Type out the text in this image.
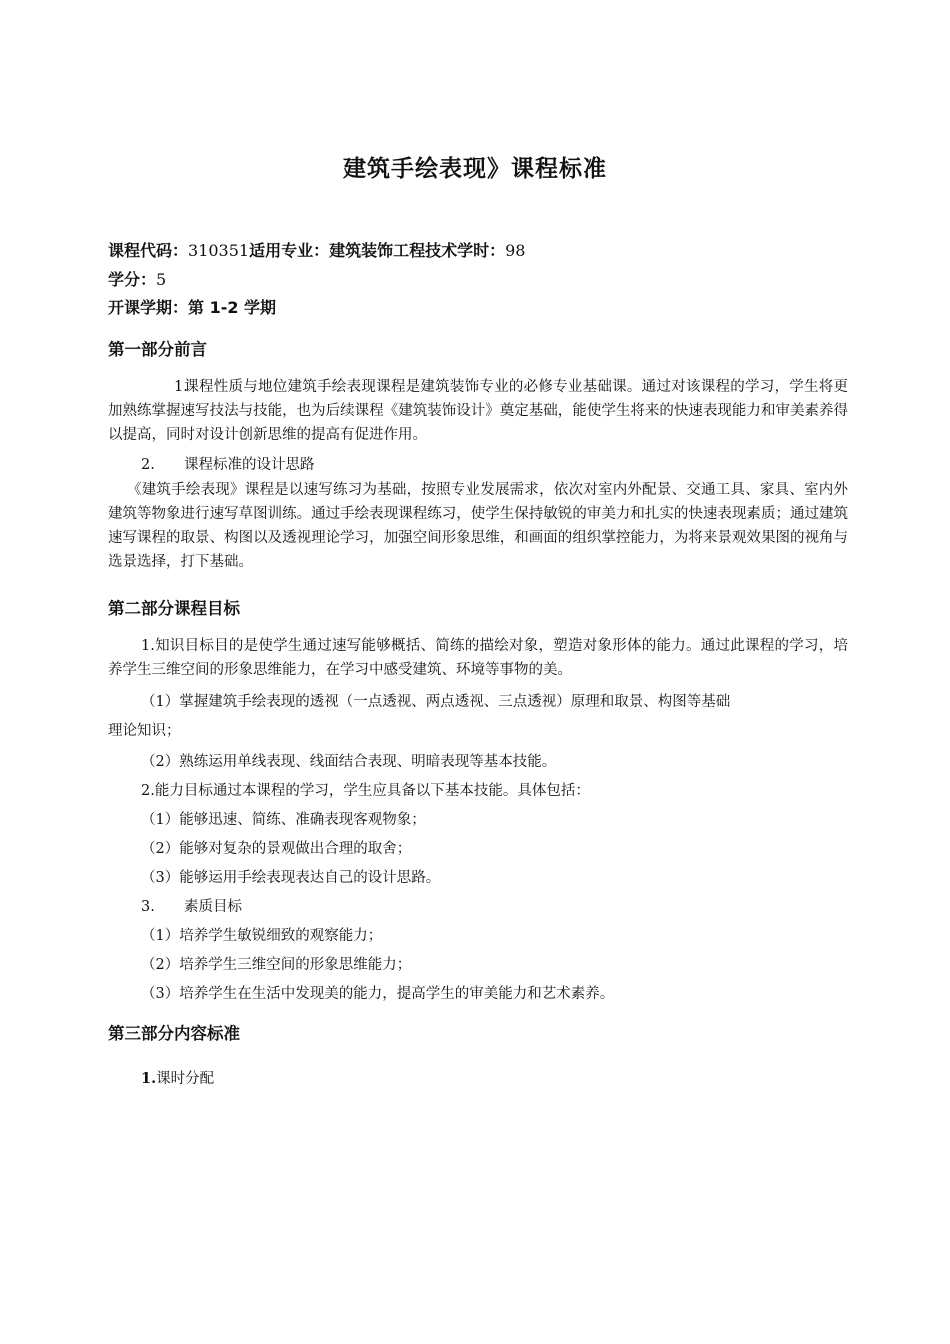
建筑手绘表现》课程标准
课程代码：310351适用专业：建筑装饰工程技术学时：98
学分：5
开课学期：第 1-2 学期
第一部分前言
1.课程性质与地位建筑手绘表现课程是建筑装饰专业的必修专业基础课。通过对该课程的学习，学生将更加熟练掌握速写技法与技能，也为后续课程《建筑装饰设计》奠定基础，能使学生将来的快速表现能力和审美素养得以提高，同时对设计创新思维的提高有促进作用。
2. 课程标准的设计思路
《建筑手绘表现》课程是以速写练习为基础，按照专业发展需求，依次对室内外配景、交通工具、家具、室内外建筑等物象进行速写草图训练。通过手绘表现课程练习，使学生保持敏锐的审美力和扎实的快速表现素质；通过建筑速写课程的取景、构图以及透视理论学习，加强空间形象思维，和画面的组织掌控能力，为将来景观效果图的视角与选景选择，打下基础。
第二部分课程目标
1.知识目标目的是使学生通过速写能够概括、简练的描绘对象，塑造对象形体的能力。通过此课程的学习，培养学生三维空间的形象思维能力，在学习中感受建筑、环境等事物的美。
（1）掌握建筑手绘表现的透视（一点透视、两点透视、三点透视）原理和取景、构图等基础
理论知识；
（2）熟练运用单线表现、线面结合表现、明暗表现等基本技能。
2.能力目标通过本课程的学习，学生应具备以下基本技能。具体包括：
（1）能够迅速、简练、准确表现客观物象；
（2）能够对复杂的景观做出合理的取舍；
（3）能够运用手绘表现表达自己的设计思路。
3. 素质目标
（1）培养学生敏锐细致的观察能力；
（2）培养学生三维空间的形象思维能力；
（3）培养学生在生活中发现美的能力，提高学生的审美能力和艺术素养。
第三部分内容标准
1.课时分配
